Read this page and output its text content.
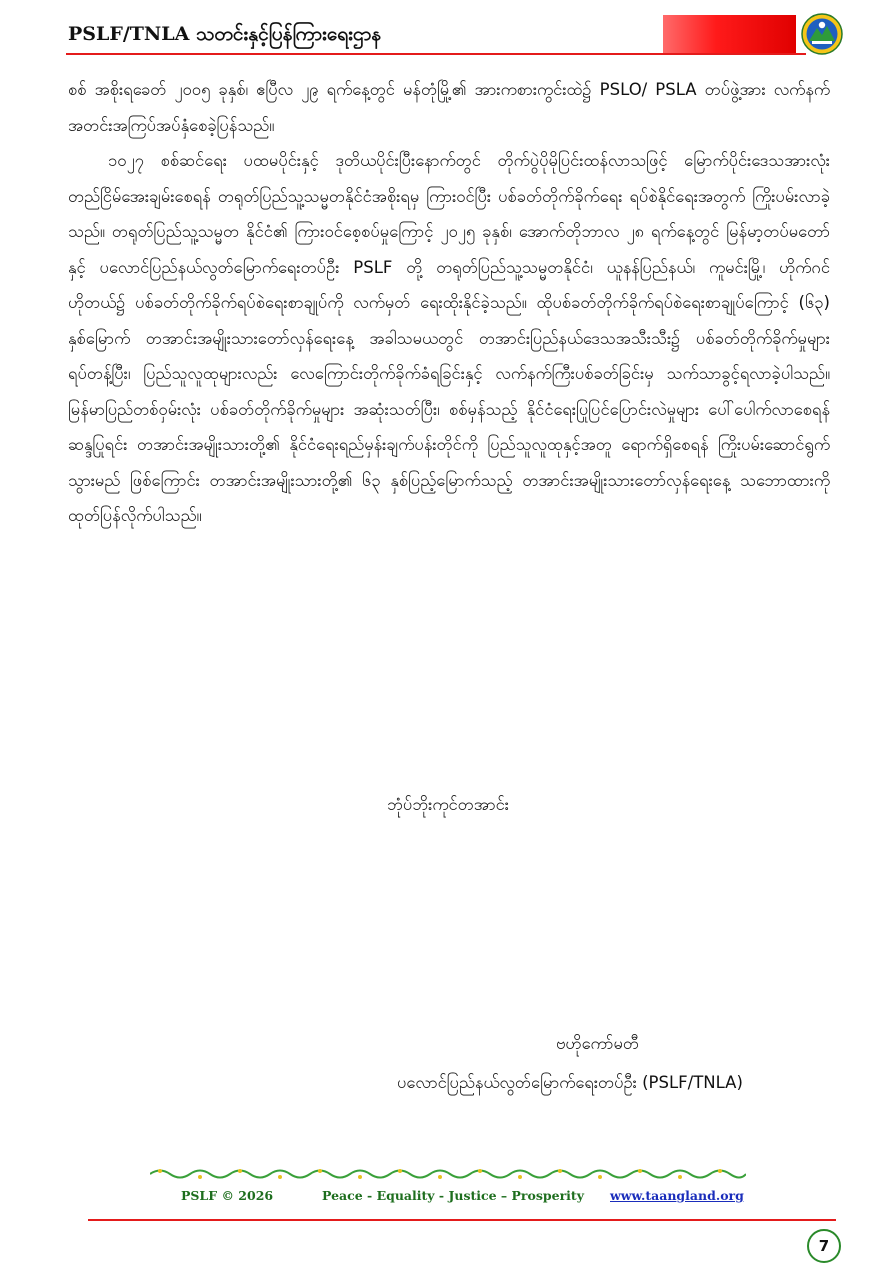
PSLF/TNLA သတင်းနှင့်ပြန်ကြားရေးဌာန

စစ် အစိုးရခေတ် ၂၀၀၅ ခုနှစ်၊ ဧပြီလ ၂၉ ရက်နေ့တွင် မန်တုံမြို့၏ အားကစားကွင်းထဲ၌ PSLO/ PSLA တပ်ဖွဲ့အား လက်နက်အတင်းအကြပ်အပ်နှံစေခဲ့ပြန်သည်။

၁၀၂၇ စစ်ဆင်ရေး ပထမပိုင်းနှင့် ဒုတိယပိုင်းပြီးနောက်တွင် တိုက်ပွဲပိုမိုပြင်းထန်လာသဖြင့် မြောက်ပိုင်းဒေသအားလုံး တည်ငြိမ်အေးချမ်းစေရန် တရုတ်ပြည်သူ့သမ္မတနိုင်ငံအစိုးရမှ ကြားဝင်ပြီး ပစ်ခတ်တိုက်ခိုက်ရေး ရပ်စဲနိုင်ရေးအတွက် ကြိုးပမ်းလာခဲ့သည်။ တရုတ်ပြည်သူ့သမ္မတ နိုင်ငံ၏ ကြားဝင်စေ့စပ်မှုကြောင့် ၂၀၂၅ ခုနှစ်၊ အောက်တိုဘာလ ၂၈ ရက်နေ့တွင် မြန်မာ့တပ်မတော်နှင့် ပလောင်ပြည်နယ်လွတ်မြောက်ရေးတပ်ဦး PSLF တို့ တရုတ်ပြည်သူ့သမ္မတနိုင်ငံ၊ ယူနန်ပြည်နယ်၊ ကူမင်းမြို့၊ ဟိုက်ဂင်ဟိုတယ်၌ ပစ်ခတ်တိုက်ခိုက်ရပ်စဲရေးစာချုပ်ကို လက်မှတ် ရေးထိုးနိုင်ခဲ့သည်။ ထိုပစ်ခတ်တိုက်ခိုက်ရပ်စဲရေးစာချုပ်ကြောင့် (၆၃) နှစ်မြောက် တအာင်းအမျိုးသားတော်လှန်ရေးနေ့ အခါသမယတွင် တအာင်းပြည်နယ်ဒေသအသီးသီး၌ ပစ်ခတ်တိုက်ခိုက်မှုများ ရပ်တန့်ပြီး၊ ပြည်သူလူထုများလည်း လေကြောင်းတိုက်ခိုက်ခံရခြင်းနှင့် လက်နက်ကြီးပစ်ခတ်ခြင်းမှ သက်သာခွင့်ရလာခဲ့ပါသည်။ မြန်မာပြည်တစ်ဝှမ်းလုံး ပစ်ခတ်တိုက်ခိုက်မှုများ အဆုံးသတ်ပြီး၊ စစ်မှန်သည့် နိုင်ငံရေးပြုပြင်ပြောင်းလဲမှုများ ပေါ်ပေါက်လာစေရန် ဆန္ဒပြုရင်း တအာင်းအမျိုးသားတို့၏ နိုင်ငံရေးရည်မှန်းချက်ပန်းတိုင်ကို ပြည်သူလူထုနှင့်အတူ ရောက်ရှိစေရန် ကြိုးပမ်းဆောင်ရွက်သွားမည် ဖြစ်ကြောင်း တအာင်းအမျိုးသားတို့၏ ၆၃ နှစ်ပြည့်မြောက်သည့် တအာင်းအမျိုးသားတော်လှန်ရေးနေ့ သဘောထားကို ထုတ်ပြန်လိုက်ပါသည်။

ဘုံပ်ဘိုးကုင်တအာင်း
ဗဟိုကော်မတီ
ပလောင်ပြည်နယ်လွတ်မြောက်ရေးတပ်ဦး (PSLF/TNLA)
PSLF © 2026	Peace - Equality - Justice – Prosperity www.taangland.org
7
